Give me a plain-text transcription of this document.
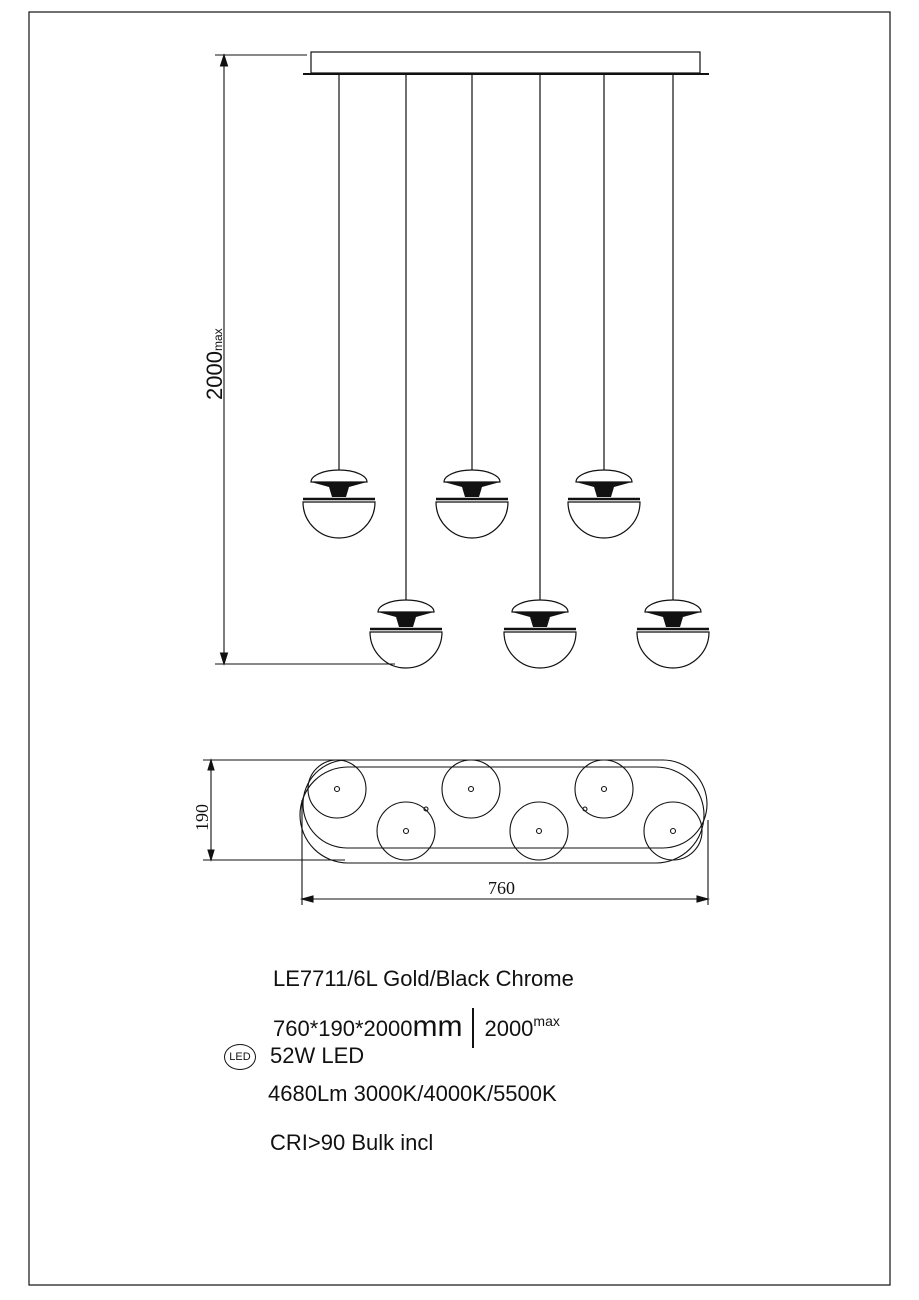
2000max
190
760
LE7711/6L Gold/Black Chrome
760*190*2000mm $2000^{max}$
LED 52W LED
4680Lm 3000K/4000K/5500K
CRI>90 Bulk incl
